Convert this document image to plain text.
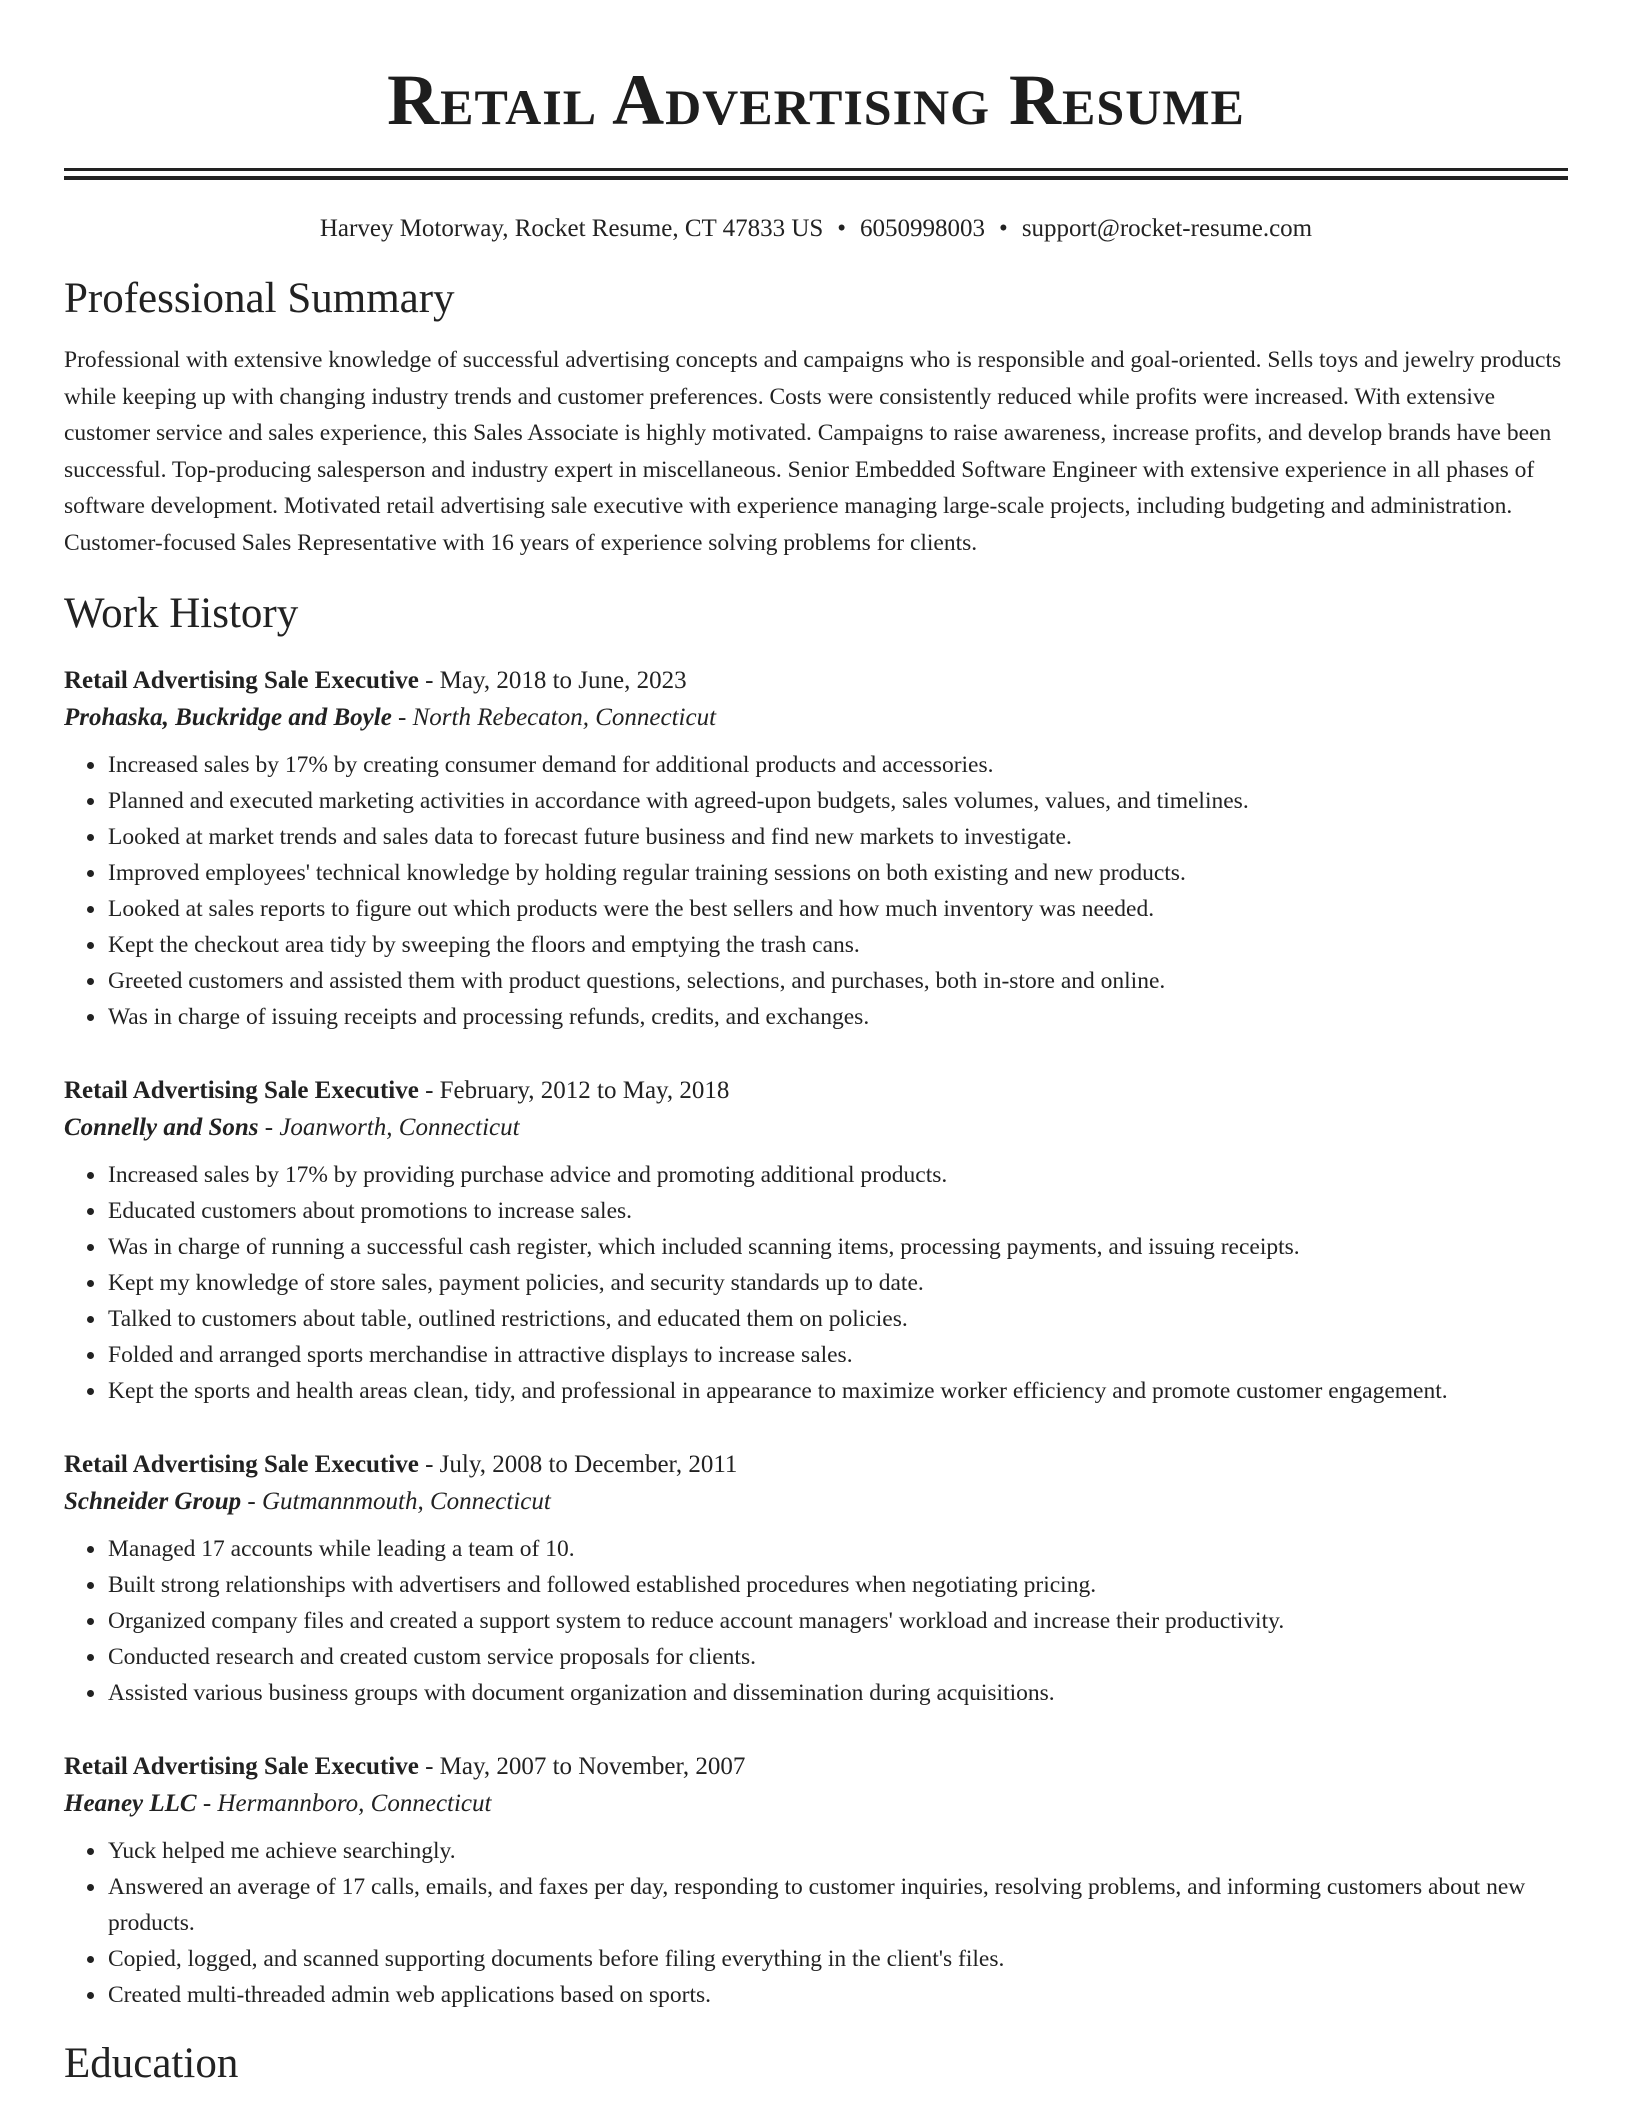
Retail Advertising Resume
Harvey Motorway, Rocket Resume, CT 47833 US • 6050998003 • support@rocket-resume.com
Professional Summary

Professional with extensive knowledge of successful advertising concepts and campaigns who is responsible and goal-oriented. Sells toys and jewelry products while keeping up with changing industry trends and customer preferences. Costs were consistently reduced while profits were increased. With extensive customer service and sales experience, this Sales Associate is highly motivated. Campaigns to raise awareness, increase profits, and develop brands have been successful. Top-producing salesperson and industry expert in miscellaneous. Senior Embedded Software Engineer with extensive experience in all phases of software development. Motivated retail advertising sale executive with experience managing large-scale projects, including budgeting and administration. Customer-focused Sales Representative with 16 years of experience solving problems for clients.

Work History
Retail Advertising Sale Executive - May, 2018 to June, 2023
Prohaska, Buckridge and Boyle - North Rebecaton, Connecticut
• Increased sales by 17% by creating consumer demand for additional products and accessories.
• Planned and executed marketing activities in accordance with agreed-upon budgets, sales volumes, values, and timelines.
• Looked at market trends and sales data to forecast future business and find new markets to investigate.
• Improved employees' technical knowledge by holding regular training sessions on both existing and new products.
• Looked at sales reports to figure out which products were the best sellers and how much inventory was needed.
• Kept the checkout area tidy by sweeping the floors and emptying the trash cans.
• Greeted customers and assisted them with product questions, selections, and purchases, both in-store and online.
• Was in charge of issuing receipts and processing refunds, credits, and exchanges.
Retail Advertising Sale Executive - February, 2012 to May, 2018
Connelly and Sons - Joanworth, Connecticut
• Increased sales by 17% by providing purchase advice and promoting additional products.
• Educated customers about promotions to increase sales.
• Was in charge of running a successful cash register, which included scanning items, processing payments, and issuing receipts.
• Kept my knowledge of store sales, payment policies, and security standards up to date.
• Talked to customers about table, outlined restrictions, and educated them on policies.
• Folded and arranged sports merchandise in attractive displays to increase sales.
• Kept the sports and health areas clean, tidy, and professional in appearance to maximize worker efficiency and promote customer engagement.
Retail Advertising Sale Executive - July, 2008 to December, 2011
Schneider Group - Gutmannmouth, Connecticut
• Managed 17 accounts while leading a team of 10.
• Built strong relationships with advertisers and followed established procedures when negotiating pricing.
• Organized company files and created a support system to reduce account managers' workload and increase their productivity.
• Conducted research and created custom service proposals for clients.
• Assisted various business groups with document organization and dissemination during acquisitions.
Retail Advertising Sale Executive - May, 2007 to November, 2007
Heaney LLC - Hermannboro, Connecticut
• Yuck helped me achieve searchingly.
• Answered an average of 17 calls, emails, and faxes per day, responding to customer inquiries, resolving problems, and informing customers about new products.
• Copied, logged, and scanned supporting documents before filing everything in the client's files.
• Created multi-threaded admin web applications based on sports.
Education
